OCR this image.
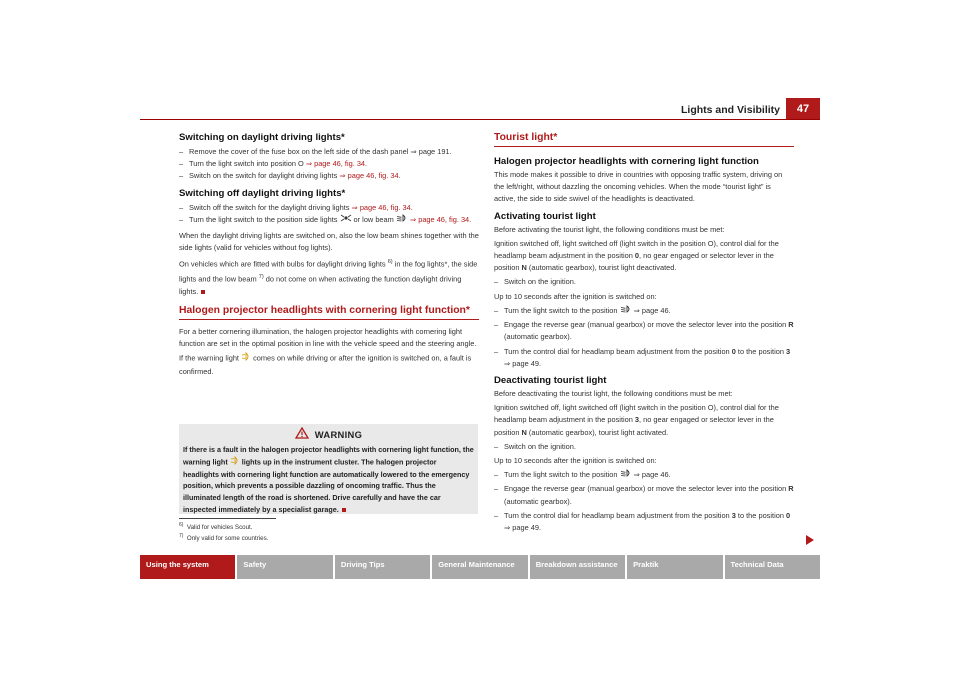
Lights and Visibility	47
Switching on daylight driving lights*

– Remove the cover of the fuse box on the left side of the dash panel ⇒ page 191.

– Turn the light switch into position O ⇒ page 46, fig. 34.

– Switch on the switch for daylight driving lights ⇒ page 46, fig. 34.

Switching off daylight driving lights*

– Switch off the switch for the daylight driving lights ⇒ page 46, fig. 34.

– Turn the light switch to the position side lights  or low beam  ⇒ page 46, fig. 34.

When the daylight driving lights are switched on, also the low beam shines together with the side lights (valid for vehicles without fog lights).

On vehicles which are fitted with bulbs for daylight driving lights $^{6)}$ in the fog lights*, the side lights and the low beam $^{7)}$ do not come on when activating the function daylight driving lights.

Halogen projector headlights with cornering light function*

For a better cornering illumination, the halogen projector headlights with cornering light function are set in the optimal position in line with the vehicle speed and the steering angle.

If the warning light  comes on while driving or after the ignition is switched on, a fault is confirmed.

WARNING
If there is a fault in the halogen projector headlights with cornering light function, the warning light  lights up in the instrument cluster. The halogen projector headlights with cornering light function are automatically lowered to the emergency position, which prevents a possible dazzling of oncoming traffic. Thus the illuminated length of the road is shortened. Drive carefully and have the car inspected immediately by a specialist garage.
$^{6)}$ Valid for vehicles Scout.
$^{7)}$ Only valid for some countries.
Tourist light*
Halogen projector headlights with cornering light function

This mode makes it possible to drive in countries with opposing traffic system, driving on the left/right, without dazzling the oncoming vehicles. When the mode “tourist light” is active, the side to side swivel of the headlights is deactivated.

Activating tourist light

Before activating the tourist light, the following conditions must be met:

Ignition switched off, light switched off (light switch in the position O), control dial for the headlamp beam adjustment in the position 0, no gear engaged or selector lever in the position N (automatic gearbox), tourist light deactivated.

– Switch on the ignition.

Up to 10 seconds after the ignition is switched on:

– Turn the light switch to the position  ⇒ page 46.

– Engage the reverse gear (manual gearbox) or move the selector lever into the position R (automatic gearbox).

– Turn the control dial for headlamp beam adjustment from the position 0 to the position 3 ⇒ page 49.

Deactivating tourist light

Before deactivating the tourist light, the following conditions must be met:

Ignition switched off, light switched off (light switch in the position O), control dial for the headlamp beam adjustment in the position 3, no gear engaged or selector lever in the position N (automatic gearbox), tourist light activated.

– Switch on the ignition.

Up to 10 seconds after the ignition is switched on:

– Turn the light switch to the position  ⇒ page 46.

– Engage the reverse gear (manual gearbox) or move the selector lever into the position R (automatic gearbox).

– Turn the control dial for headlamp beam adjustment from the position 3 to the position 0 ⇒ page 49.

Using the system	Safety	Driving Tips	General Maintenance	Breakdown assistance	Praktik	Technical Data
